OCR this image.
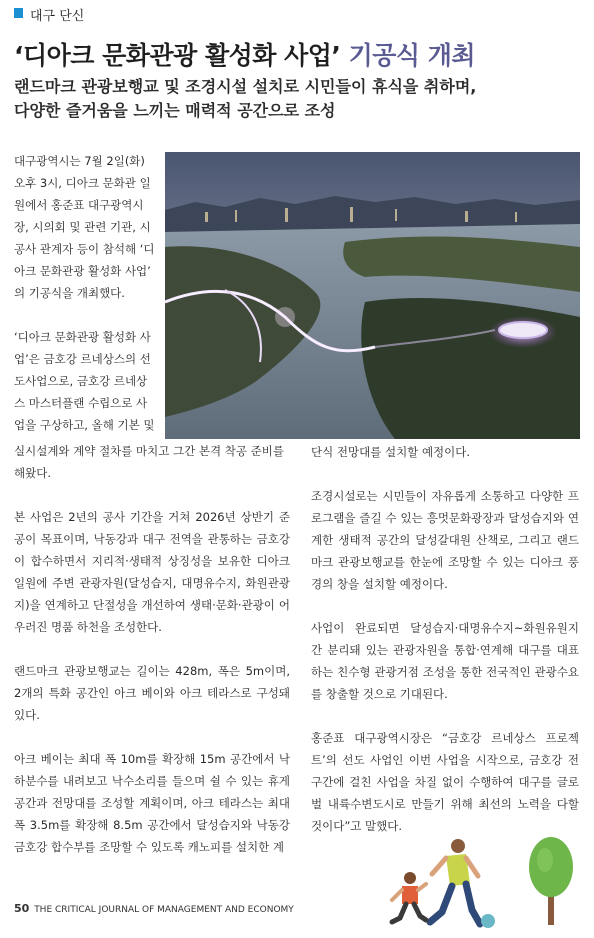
대구 단신
‘디아크 문화관광 활성화 사업’ 기공식 개최
랜드마크 관광보행교 및 조경시설 설치로 시민들이 휴식을 취하며,
다양한 즐거움을 느끼는 매력적 공간으로 조성
대구광역시는 7월 2일(화)
오후 3시, 디아크 문화관 일
원에서 홍준표 대구광역시
장, 시의회 및 관련 기관, 시
공사 관계자 등이 참석해 ‘디
아크 문화관광 활성화 사업’
의 기공식을 개최했다.
‘디아크 문화관광 활성화 사
업’은 금호강 르네상스의 선
도사업으로, 금호강 르네상
스 마스터플랜 수립으로 사
업을 구상하고, 올해 기본 및

실시설계와 계약 절차를 마치고 그간 본격 착공 준비를
해왔다.

본 사업은 2년의 공사 기간을 거쳐 2026년 상반기 준공이 목표이며, 낙동강과 대구 전역을 관통하는 금호강이 합수하면서 지리적·생태적 상징성을 보유한 디아크 일원에 주변 관광자원(달성습지, 대명유수지, 화원관광지)을 연계하고 단절성을 개선하여 생태·문화·관광이 어우러진 명품 하천을 조성한다.

랜드마크 관광보행교는 길이는 428m, 폭은 5m이며, 2개의 특화 공간인 아크 베이와 아크 테라스로 구성돼 있다.

아크 베이는 최대 폭 10m를 확장해 15m 공간에서 낙하분수를 내려보고 낙수소리를 들으며 쉴 수 있는 휴게공간과 전망대를 조성할 계획이며, 아크 테라스는 최대 폭 3.5m를 확장해 8.5m 공간에서 달성습지와 낙동강 금호강 합수부를 조망할 수 있도록 캐노피를 설치한 계

단식 전망대를 설치할 예정이다.

조경시설로는 시민들이 자유롭게 소통하고 다양한 프로그램을 즐길 수 있는 흥멋문화광장과 달성습지와 연계한 생태적 공간의 달성갈대원 산책로, 그리고 랜드마크 관광보행교를 한눈에 조망할 수 있는 디아크 풍경의 창을 설치할 예정이다.

사업이 완료되면 달성습지·대명유수지~화원유원지 간 분리돼 있는 관광자원을 통합·연계해 대구를 대표하는 친수형 관광거점 조성을 통한 전국적인 관광수요를 창출할 것으로 기대된다.

홍준표 대구광역시장은 “금호강 르네상스 프로젝트’의 선도 사업인 이번 사업을 시작으로, 금호강 전 구간에 걸친 사업을 차질 없이 수행하여 대구를 글로벌 내륙수변도시로 만들기 위해 최선의 노력을 다할 것이다”고 말했다.

50 THE CRITICAL JOURNAL OF MANAGEMENT AND ECONOMY
